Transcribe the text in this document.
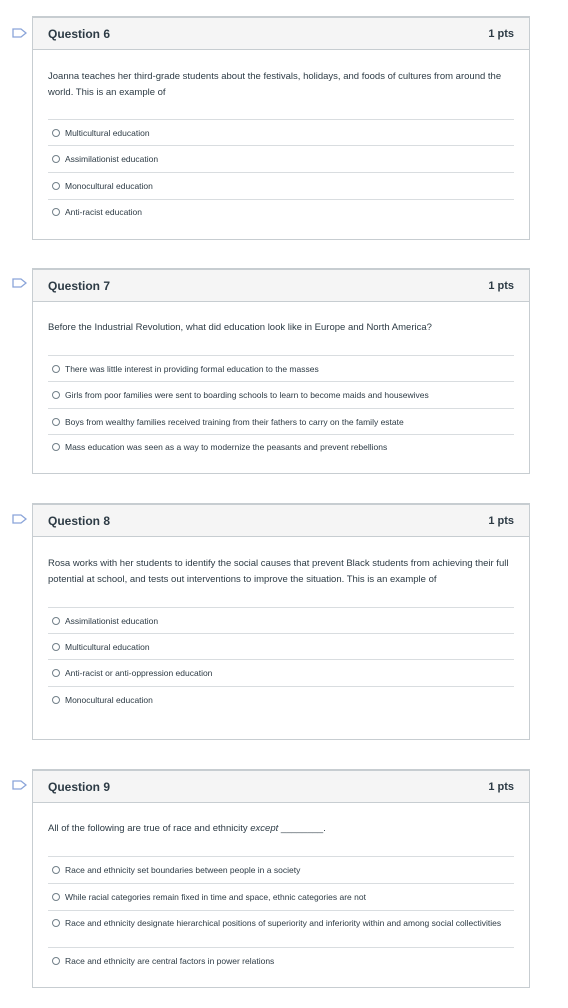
Question 6	1 pts

Joanna teaches her third-grade students about the festivals, holidays, and foods of cultures from around the world. This is an example of

Multicultural education
Assimilationist education
Monocultural education
Anti-racist education
Question 7	1 pts

Before the Industrial Revolution, what did education look like in Europe and North America?

There was little interest in providing formal education to the masses
Girls from poor families were sent to boarding schools to learn to become maids and housewives
Boys from wealthy families received training from their fathers to carry on the family estate
Mass education was seen as a way to modernize the peasants and prevent rebellions
Question 8	1 pts

Rosa works with her students to identify the social causes that prevent Black students from achieving their full potential at school, and tests out interventions to improve the situation. This is an example of

Assimilationist education
Multicultural education
Anti-racist or anti-oppression education
Monocultural education
Question 9	1 pts

All of the following are true of race and ethnicity except ________.

Race and ethnicity set boundaries between people in a society
While racial categories remain fixed in time and space, ethnic categories are not
Race and ethnicity designate hierarchical positions of superiority and inferiority within and among social collectivities
Race and ethnicity are central factors in power relations
